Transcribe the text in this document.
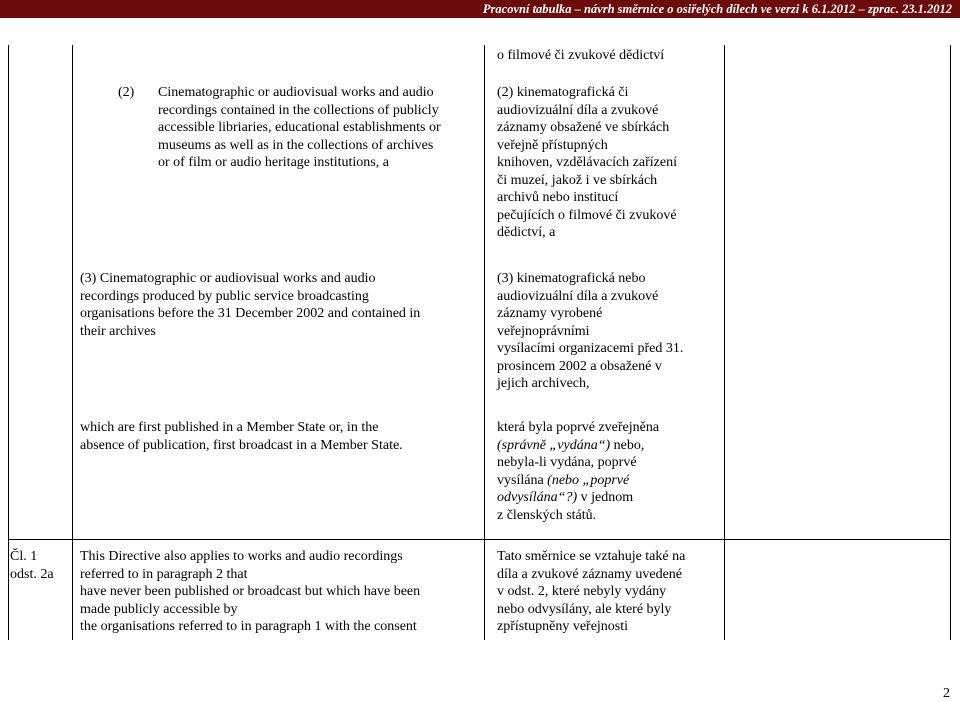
Pracovní tabulka – návrh směrnice o osiřelých dílech ve verzi k 6.1.2012 – zprac. 23.1.2012
o filmové či zvukové dědictví
(2) Cinematographic or audiovisual works and audio
recordings contained in the collections of publicly
accessible libriaries, educational establishments or
museums as well as in the collections of archives
or of film or audio heritage institutions, a
(2) kinematografická či
audiovizuální díla a zvukové
záznamy obsažené ve sbírkách
veřejně přístupných
knihoven, vzdělávacích zařízení
či muzeí, jakož i ve sbírkách
archivů nebo institucí
pečujících o filmové či zvukové
dědictví, a
(3) Cinematographic or audiovisual works and audio
recordings produced by public service broadcasting
organisations before the 31 December 2002 and contained in
their archives
(3) kinematografická nebo
audiovizuální díla a zvukové
záznamy vyrobené
veřejnoprávními
vysílacími organizacemi před 31.
prosincem 2002 a obsažené v
jejich archivech,
which are first published in a Member State or, in the
absence of publication, first broadcast in a Member State.
která byla poprvé zveřejněna
(správně „vydána“) nebo,
nebyla-li vydána, poprvé
vysílána (nebo „poprvé
odvysílána“?) v jednom
z členských států.
Čl. 1
odst. 2a
This Directive also applies to works and audio recordings
referred to in paragraph 2 that
have never been published or broadcast but which have been
made publicly accessible by
the organisations referred to in paragraph 1 with the consent
Tato směrnice se vztahuje také na
díla a zvukové záznamy uvedené
v odst. 2, které nebyly vydány
nebo odvysílány, ale které byly
zpřístupněny veřejnosti
2
